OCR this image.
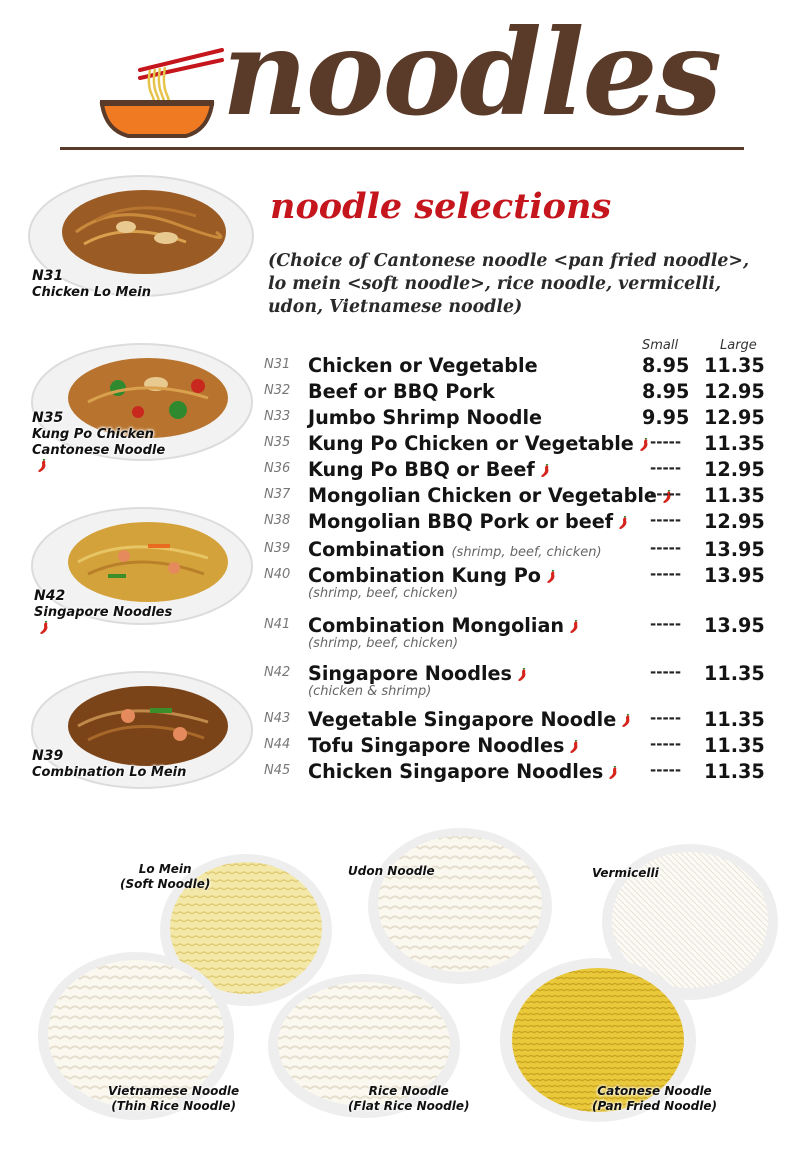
noodles
noodle selections
(Choice of Cantonese noodle <pan fried noodle>, lo mein <soft noodle>, rice noodle, vermicelli, udon, Vietnamese noodle)
N31
Chicken Lo Mein
N35
Kung Po Chicken
Cantonese Noodle
N42
Singapore Noodles
N39
Combination Lo Mein
Small	Large
N31 Chicken or Vegetable	8.95 11.35
N32 Beef or BBQ Pork	8.95 12.95
N33 Jumbo Shrimp Noodle	9.95 12.95
N35 Kung Po Chicken or Vegetable	----- 11.35
N36 Kung Po BBQ or Beef	----- 12.95
N37 Mongolian Chicken or Vegetable
----- 11.35
N38 Mongolian BBQ Pork or beef	----- 12.95
N39 Combination (shrimp, beef, chicken)	----- 13.95
N40 Combination Kung Po
(shrimp, beef, chicken)
----- 13.95
N41 Combination Mongolian
(shrimp, beef, chicken)
----- 13.95
N42 Singapore Noodles
(chicken & shrimp)
----- 11.35
N43 Vegetable Singapore Noodle	----- 11.35
N44 Tofu Singapore Noodles	----- 11.35
N45 Chicken Singapore Noodles	----- 11.35
Lo Mein
(Soft Noodle)
Udon Noodle	Vermicelli
Vietnamese Noodle
(Thin Rice Noodle)
Rice Noodle
(Flat Rice Noodle)
Catonese Noodle
(Pan Fried Noodle)
